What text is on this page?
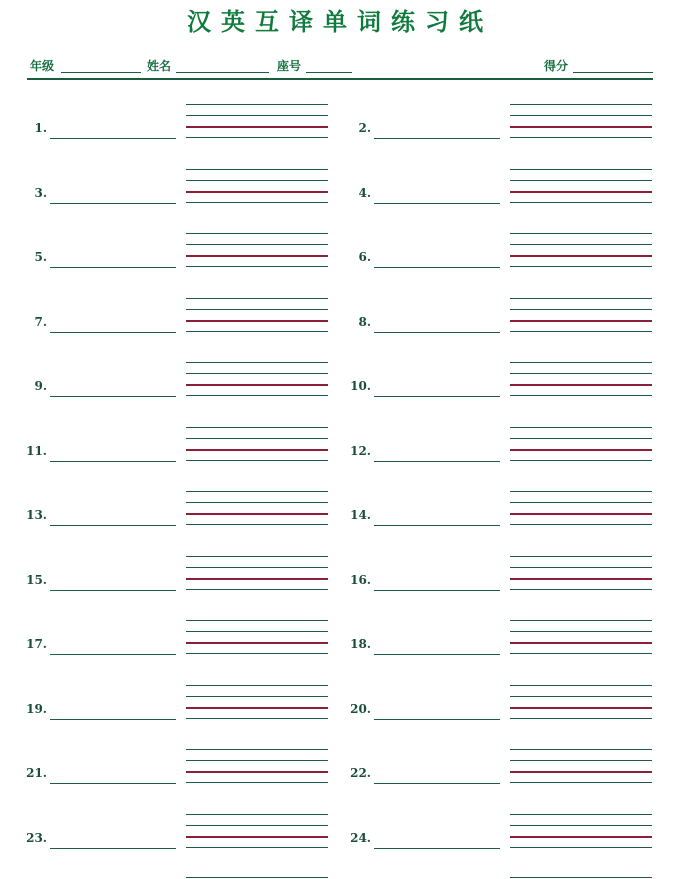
汉英互译单词练习纸
年级	姓名	座号	得分
1.	2.
3.	4.
5.	6.
7.	8.
9.	10.
11.	12.
13.	14.
15.	16.
17.	18.
19.	20.
21.	22.
23.	24.
